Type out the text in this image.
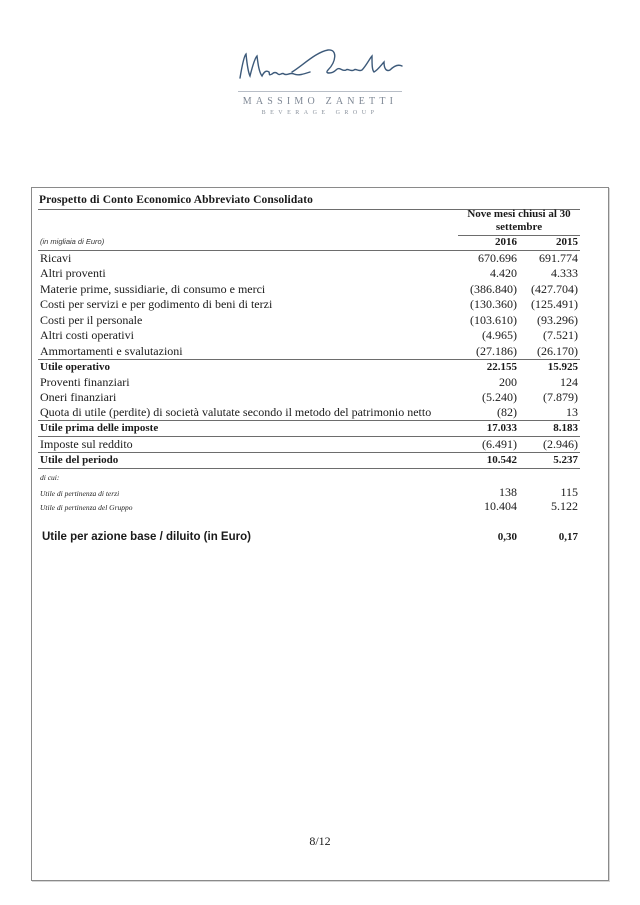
MASSIMO ZANETTI
BEVERAGE GROUP
Prospetto di Conto Economico Abbreviato Consolidato
Nove mesi chiusi al 30
settembre
(in migliaia di Euro)	2016	2015
Ricavi	670.696	691.774
Altri proventi	4.420	4.333
Materie prime, sussidiarie, di consumo e merci	(386.840)	(427.704)
Costi per servizi e per godimento di beni di terzi	(130.360)	(125.491)
Costi per il personale	(103.610)	(93.296)
Altri costi operativi	(4.965)	(7.521)
Ammortamenti e svalutazioni	(27.186)	(26.170)
Utile operativo	22.155	15.925
Proventi finanziari	200	124
Oneri finanziari	(5.240)	(7.879)
Quota di utile (perdite) di società valutate secondo il metodo del patrimonio netto	(82)	13
Utile prima delle imposte	17.033	8.183
Imposte sul reddito	(6.491)	(2.946)
Utile del periodo	10.542	5.237
di cui:
Utile di pertinenza di terzi	138	115
Utile di pertinenza del Gruppo	10.404	5.122
Utile per azione base / diluito (in Euro)	0,30	0,17
8/12
